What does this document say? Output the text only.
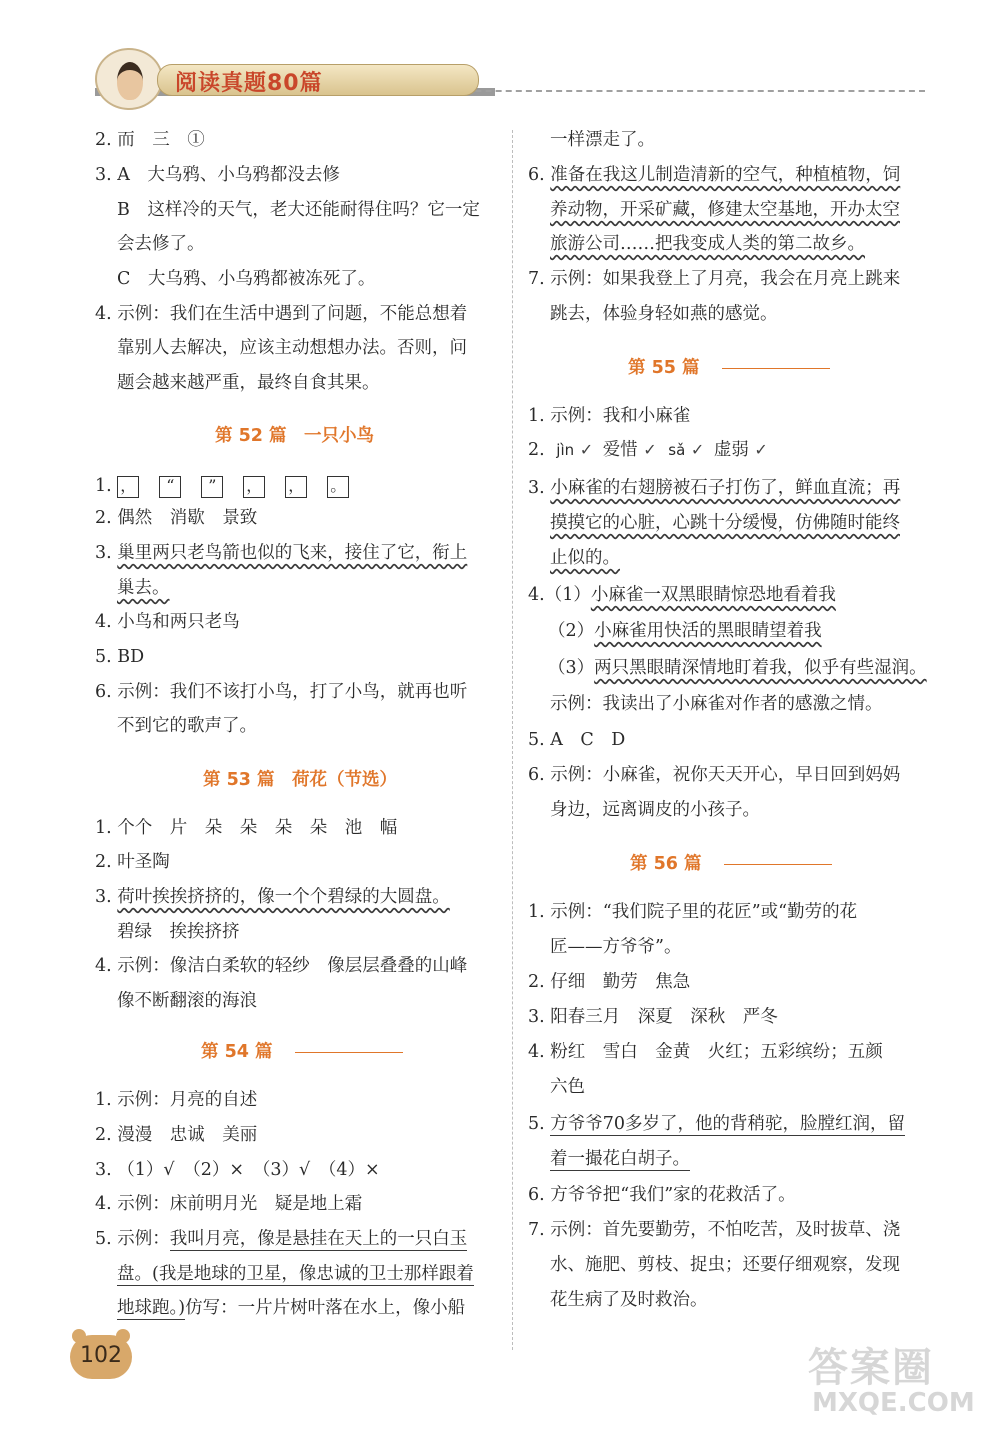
阅读真题80篇
2. 而　三　①
3. A　大乌鸦、小乌鸦都没去修
B　这样冷的天气，老大还能耐得住吗？它一定
会去修了。
C　大乌鸦、小乌鸦都被冻死了。
4. 示例：我们在生活中遇到了问题，不能总想着
靠别人去解决，应该主动想想办法。否则，问
题会越来越严重，最终自食其果。
第 52 篇　一只小鸟
1. ， “ ” ， ， 。
2. 偶然　消歇　景致
3. 巢里两只老鸟箭也似的飞来，接住了它，衔上
巢去。
4. 小鸟和两只老鸟
5. BD
6. 示例：我们不该打小鸟，打了小鸟，就再也听
不到它的歌声了。
第 53 篇　荷花（节选）
1. 个个　片　朵　朵　朵　朵　池　幅
2. 叶圣陶
3. 荷叶挨挨挤挤的，像一个个碧绿的大圆盘。
碧绿　挨挨挤挤
4. 示例：像洁白柔软的轻纱　像层层叠叠的山峰
像不断翻滚的海浪
第 54 篇
1. 示例：月亮的自述
2. 漫漫　忠诚　美丽
3. （1）√　（2）×　（3）√　（4）×
4. 示例：床前明月光　疑是地上霜
5. 示例：我叫月亮，像是悬挂在天上的一只白玉
盘。(我是地球的卫星，像忠诚的卫士那样跟着
地球跑。)仿写：一片片树叶落在水上，像小船
一样漂走了。
6. 准备在我这儿制造清新的空气，种植植物，饲
养动物，开采矿藏，修建太空基地，开办太空
旅游公司……把我变成人类的第二故乡。
7. 示例：如果我登上了月亮，我会在月亮上跳来
跳去，体验身轻如燕的感觉。
第 55 篇
1. 示例：我和小麻雀
2. jìn ✓ 爱惜 ✓ sǎ ✓ 虚弱 ✓
3. 小麻雀的右翅膀被石子打伤了，鲜血直流；再
摸摸它的心脏，心跳十分缓慢，仿佛随时能终
止似的。
4.（1）小麻雀一双黑眼睛惊恐地看着我
（2）小麻雀用快活的黑眼睛望着我
（3）两只黑眼睛深情地盯着我，似乎有些湿润。
示例：我读出了小麻雀对作者的感激之情。
5. A　C　D
6. 示例：小麻雀，祝你天天开心，早日回到妈妈
身边，远离调皮的小孩子。
第 56 篇
1. 示例：“我们院子里的花匠”或“勤劳的花
匠——方爷爷”。
2. 仔细　勤劳　焦急
3. 阳春三月　深夏　深秋　严冬
4. 粉红　雪白　金黄　火红；五彩缤纷；五颜
六色
5. 方爷爷70多岁了，他的背稍驼，脸膛红润，留
着一撮花白胡子。
6. 方爷爷把“我们”家的花救活了。
7. 示例：首先要勤劳，不怕吃苦，及时拔草、浇
水、施肥、剪枝、捉虫；还要仔细观察，发现
花生病了及时救治。
102	答案圈
MXQE.COM
